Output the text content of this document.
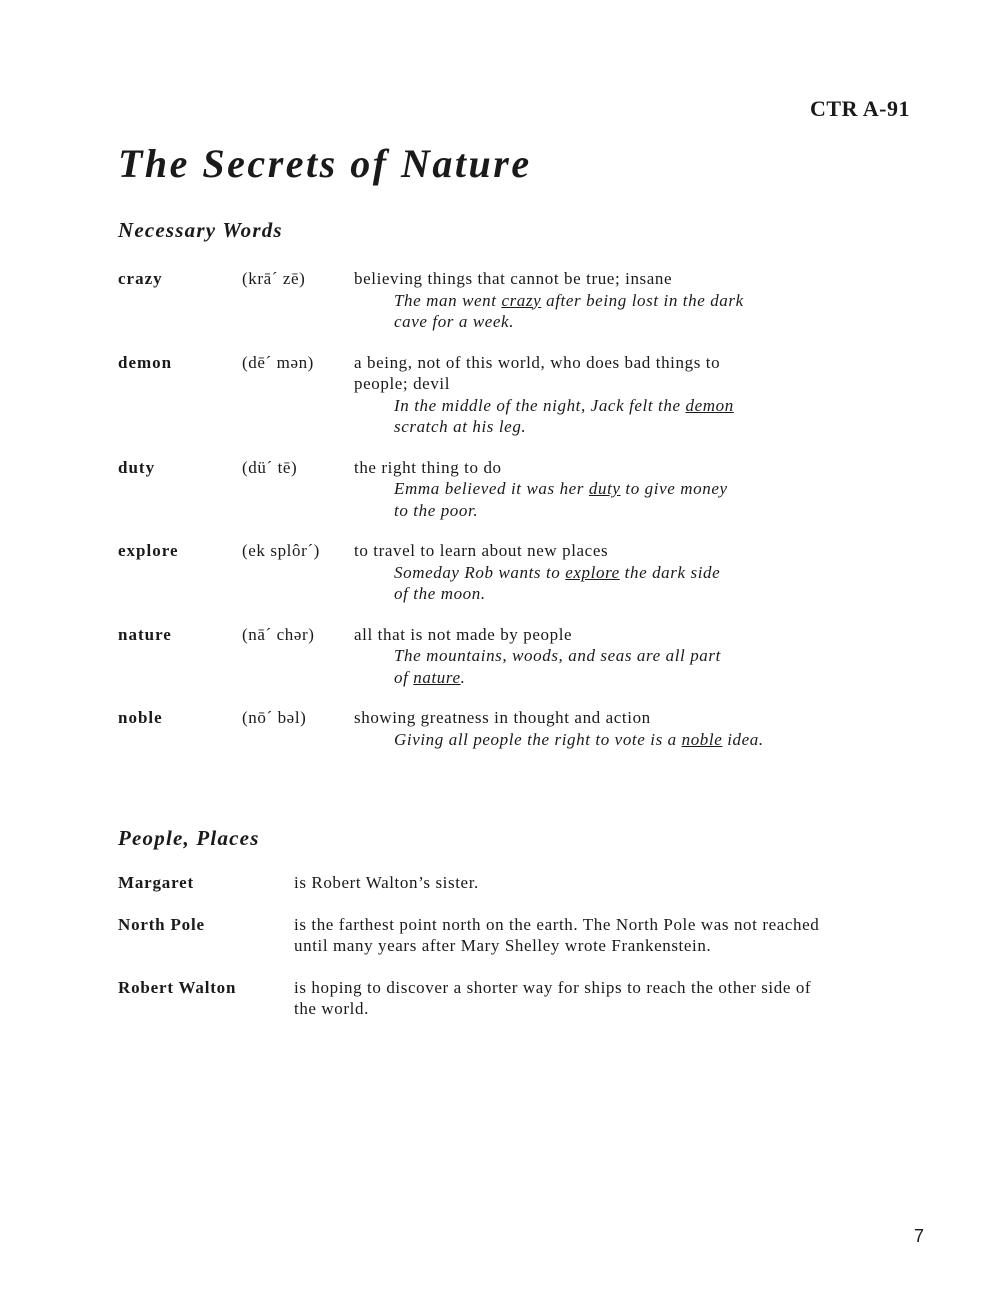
CTR A-91
The Secrets of Nature
Necessary Words
crazy	(krā´ zē)	believing things that cannot be true; insane
The man went crazy after being lost in the dark
cave for a week.
demon	(dē´ mən) a being, not of this world, who does bad things to
people; devil
In the middle of the night, Jack felt the demon
scratch at his leg.
duty	(dü´ tē)	the right thing to do
Emma believed it was her duty to give money
to the poor.
explore	(ek splôr´) to travel to learn about new places
Someday Rob wants to explore the dark side
of the moon.
nature	(nā´ chər) all that is not made by people
The mountains, woods, and seas are all part
of nature.
noble	(nō´ bəl)	showing greatness in thought and action
Giving all people the right to vote is a noble idea.
People, Places
Margaret	is Robert Walton’s sister.
North Pole	is the farthest point north on the earth. The North Pole was not reached
until many years after Mary Shelley wrote Frankenstein.
Robert Walton	is hoping to discover a shorter way for ships to reach the other side of
the world.
7
